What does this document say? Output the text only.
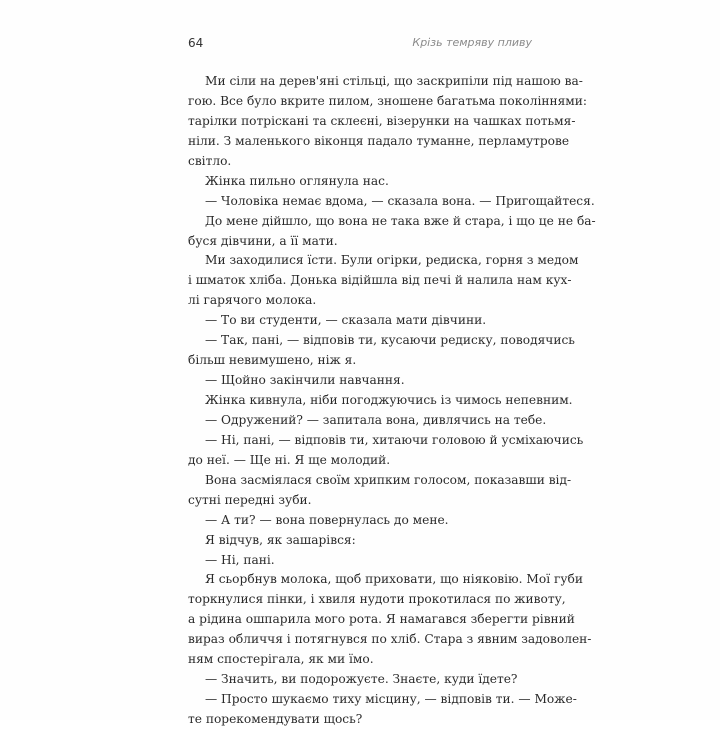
64	Крізь темряву пливу
Ми сіли на дерев'яні стільці, що заскрипіли під нашою ва-
гою. Все було вкрите пилом, зношене багатьма поколіннями:
тарілки потріскані та склеєні, візерунки на чашках потьмя-
ніли. З маленького віконця падало туманне, перламутрове
світло.
Жінка пильно оглянула нас.
— Чоловіка немає вдома, — сказала вона. — Пригощайтеся.
До мене дійшло, що вона не така вже й стара, і що це не ба-
буся дівчини, а її мати.
Ми заходилися їсти. Були огірки, редиска, горня з медом
і шматок хліба. Донька відійшла від печі й налила нам кух-
лі гарячого молока.
— То ви студенти, — сказала мати дівчини.
— Так, пані, — відповів ти, кусаючи редиску, поводячись
більш невимушено, ніж я.
— Щойно закінчили навчання.
Жінка кивнула, ніби погоджуючись із чимось непевним.
— Одружений? — запитала вона, дивлячись на тебе.
— Ні, пані, — відповів ти, хитаючи головою й усміхаючись
до неї. — Ще ні. Я ще молодий.
Вона засміялася своїм хрипким голосом, показавши від-
сутні передні зуби.
— А ти? — вона повернулась до мене.
Я відчув, як зашарівся:
— Ні, пані.
Я сьорбнув молока, щоб приховати, що ніяковію. Мої губи
торкнулися пінки, і хвиля нудоти прокотилася по животу,
а рідина ошпарила мого рота. Я намагався зберегти рівний
вираз обличчя і потягнувся по хліб. Стара з явним задоволен-
ням спостерігала, як ми їмо.
— Значить, ви подорожуєте. Знаєте, куди їдете?
— Просто шукаємо тиху місцину, — відповів ти. — Може-
те порекомендувати щось?
